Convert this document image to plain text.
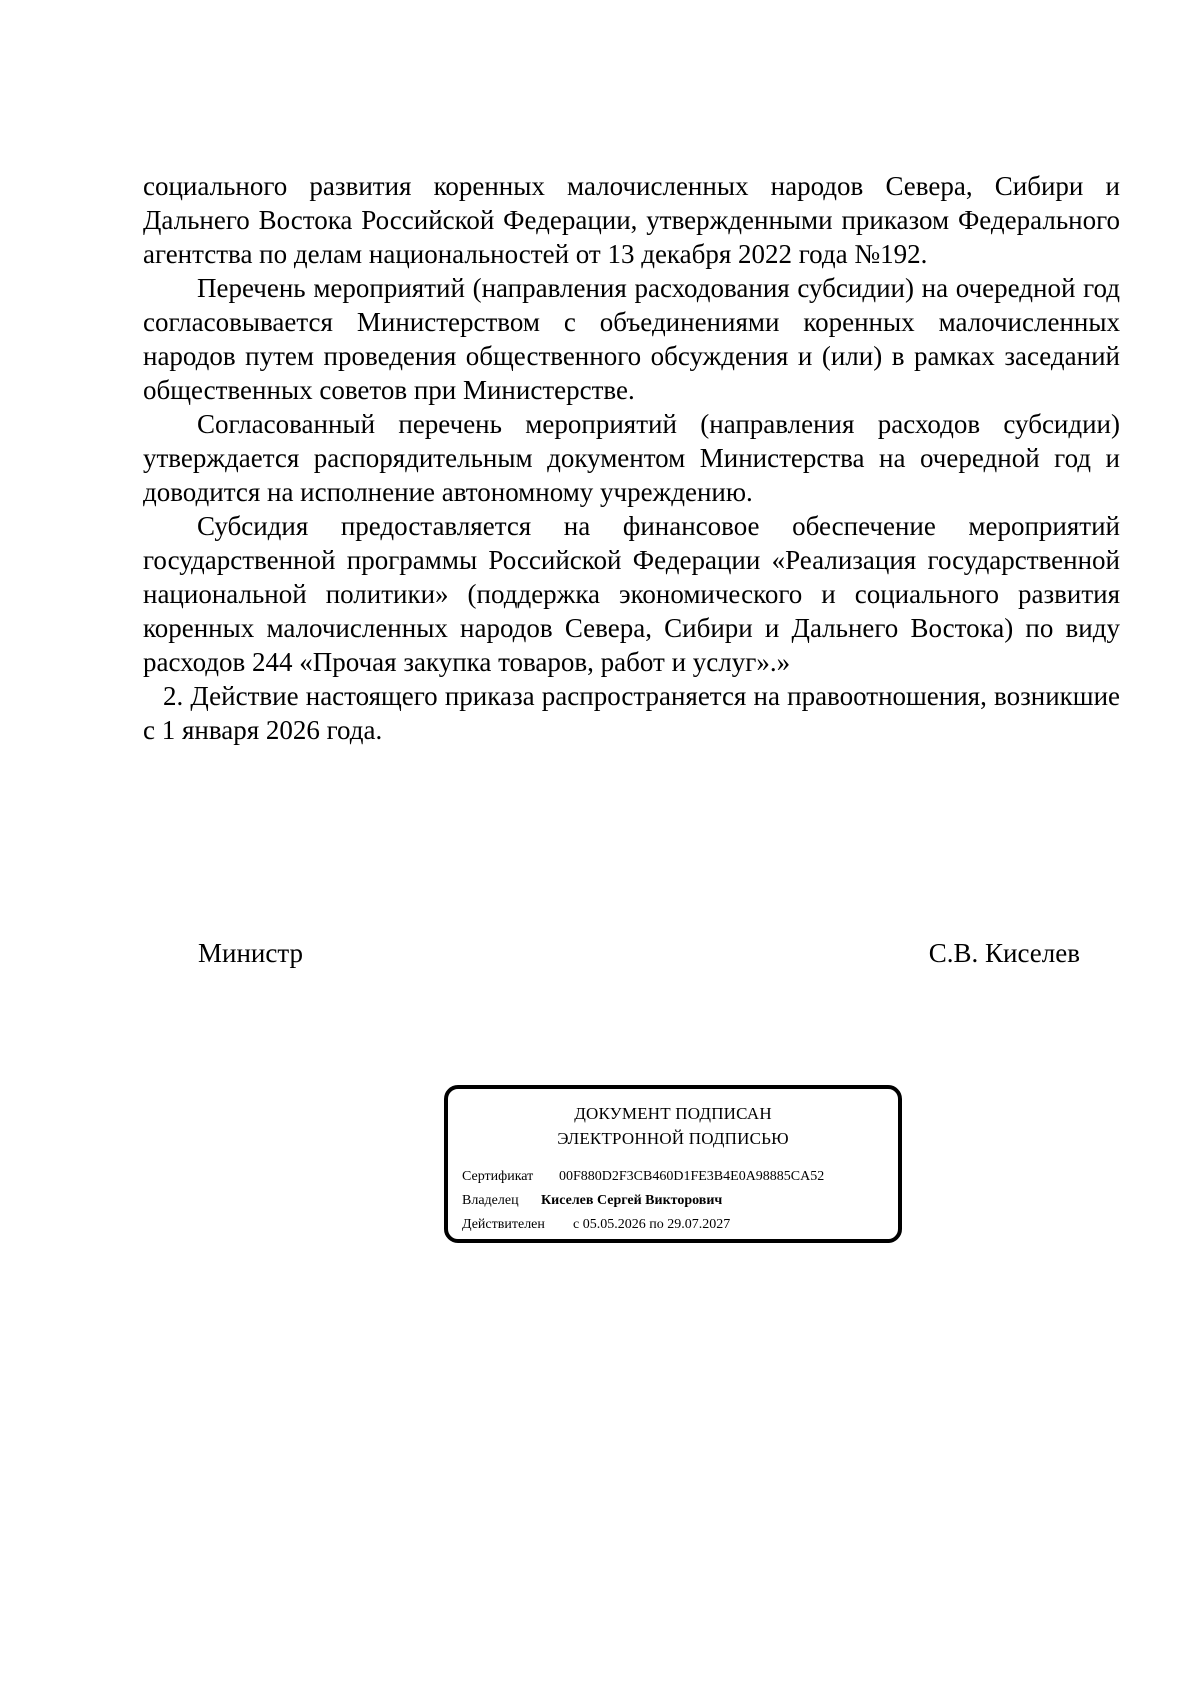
социального развития коренных малочисленных народов Севера, Сибири и Дальнего Востока Российской Федерации, утвержденными приказом Федерального агентства по делам национальностей от 13 декабря 2022 года №192.

Перечень мероприятий (направления расходования субсидии) на очередной год согласовывается Министерством с объединениями коренных малочисленных народов путем проведения общественного обсуждения и (или) в рамках заседаний общественных советов при Министерстве.

Согласованный перечень мероприятий (направления расходов субсидии) утверждается распорядительным документом Министерства на очередной год и доводится на исполнение автономному учреждению.

Субсидия предоставляется на финансовое обеспечение мероприятий государственной программы Российской Федерации «Реализация государственной национальной политики» (поддержка экономического и социального развития коренных малочисленных народов Севера, Сибири и Дальнего Востока) по виду расходов 244 «Прочая закупка товаров, работ и услуг».»

2. Действие настоящего приказа распространяется на правоотношения, возникшие с 1 января 2026 года.

Министр	С.В. Киселев
ДОКУМЕНТ ПОДПИСАН
ЭЛЕКТРОННОЙ ПОДПИСЬЮ
Сертификат 00F880D2F3CB460D1FE3B4E0A98885CA52
Владелец Киселев Сергей Викторович
Действителен с 05.05.2026 по 29.07.2027
